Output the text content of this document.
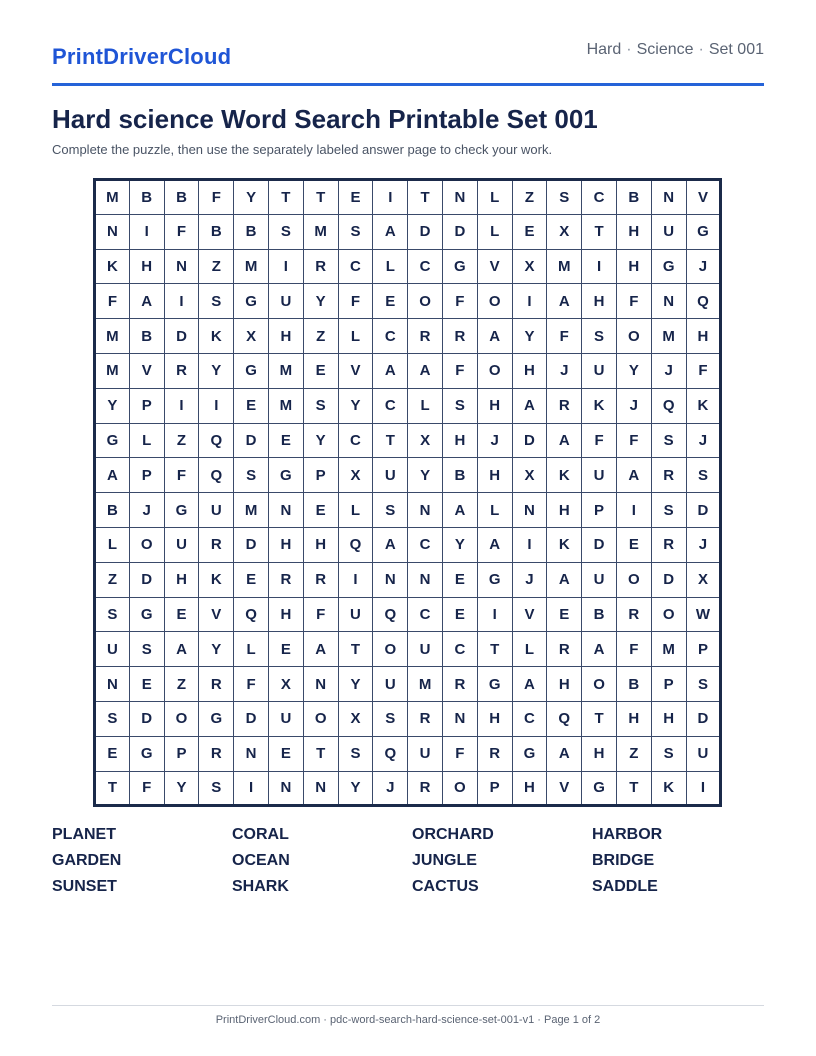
PrintDriverCloud	Hard · Science · Set 001
Hard science Word Search Printable Set 001

Complete the puzzle, then use the separately labeled answer page to check your work.

M	B	B	F	Y	T	T	E	I	T	N	L	Z	S	C	B	N	V
N	I	F	B	B	S	M	S	A	D	D	L	E	X	T	H	U	G
K	H	N	Z	M	I	R	C	L	C	G	V	X	M	I	H	G	J
F	A	I	S	G	U	Y	F	E	O	F	O	I	A	H	F	N	Q
M	B	D	K	X	H	Z	L	C	R	R	A	Y	F	S	O	M	H
M	V	R	Y	G	M	E	V	A	A	F	O	H	J	U	Y	J	F
Y	P	I	I	E	M	S	Y	C	L	S	H	A	R	K	J	Q	K
G	L	Z	Q	D	E	Y	C	T	X	H	J	D	A	F	F	S	J
A	P	F	Q	S	G	P	X	U	Y	B	H	X	K	U	A	R	S
B	J	G	U	M	N	E	L	S	N	A	L	N	H	P	I	S	D
L	O	U	R	D	H	H	Q	A	C	Y	A	I	K	D	E	R	J
Z	D	H	K	E	R	R	I	N	N	E	G	J	A	U	O	D	X
S	G	E	V	Q	H	F	U	Q	C	E	I	V	E	B	R	O	W
U	S	A	Y	L	E	A	T	O	U	C	T	L	R	A	F	M	P
N	E	Z	R	F	X	N	Y	U	M	R	G	A	H	O	B	P	S
S	D	O	G	D	U	O	X	S	R	N	H	C	Q	T	H	H	D
E	G	P	R	N	E	T	S	Q	U	F	R	G	A	H	Z	S	U
T	F	Y	S	I	N	N	Y	J	R	O	P	H	V	G	T	K	I
PLANET	CORAL	ORCHARD	HARBOR
GARDEN	OCEAN	JUNGLE	BRIDGE
SUNSET	SHARK	CACTUS	SADDLE
PrintDriverCloud.com · pdc-word-search-hard-science-set-001-v1 · Page 1 of 2
